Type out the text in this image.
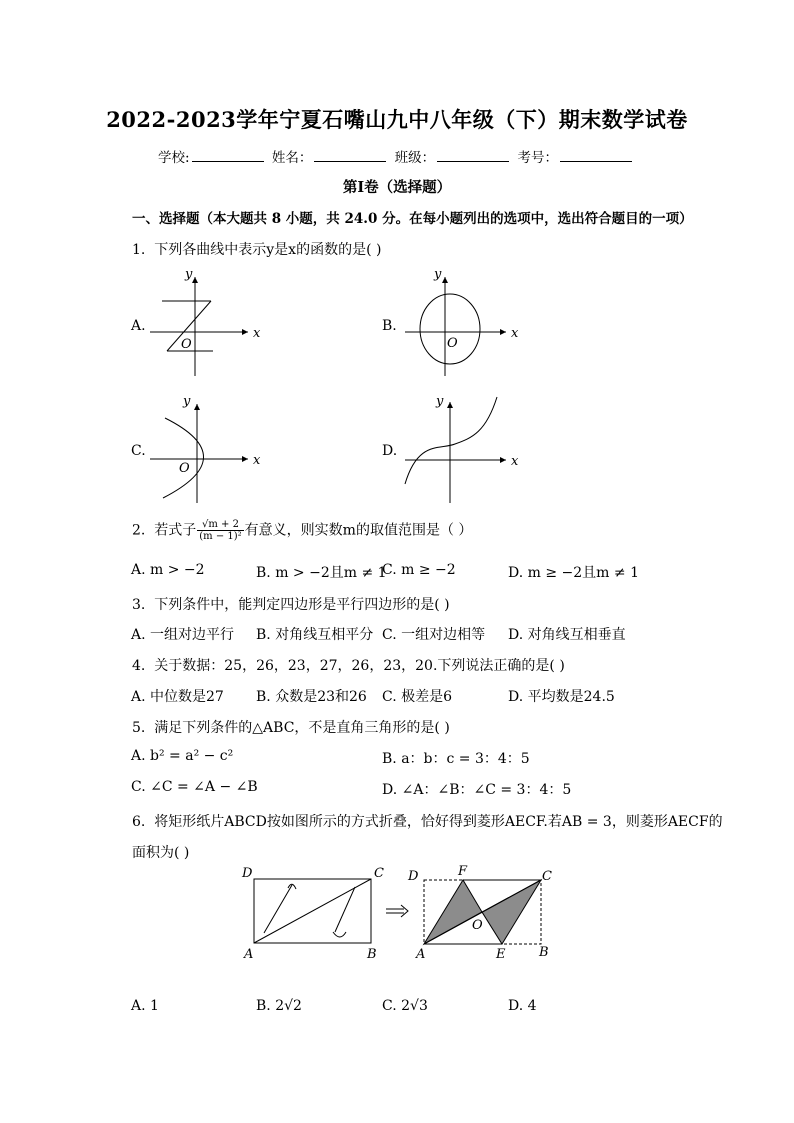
2022-2023学年宁夏石嘴山九中八年级（下）期末数学试卷
学校:	姓名：	班级：	考号：
第Ⅰ卷（选择题）
一、选择题（本大题共 8 小题，共 24.0 分。在每小题列出的选项中，选出符合题目的一项）
1. 下列各曲线中表示y是x的函数的是( )
A.	B.
C.	D.
x
y
O
x
y
O
x
y
O	x
y
2. 若式子 $\frac{√m + 2}{\text{(m − 1)²}}$ 有意义，则实数m的取值范围是（ ）
A. m > −2	B. m > −2且m ≠ 1
C. m ≥ −2	D. m ≥ −2且m ≠ 1
3. 下列条件中，能判定四边形是平行四边形的是( )
A. 一组对边平行 B. 对角线互相平分 C. 一组对边相等 D. 对角线互相垂直
4. 关于数据：25，26，23，27，26，23，20.下列说法正确的是( )
A. 中位数是27 B. 众数是23和26 C. 极差是6	D. 平均数是24.5
5. 满足下列条件的△ABC，不是直角三角形的是( )
A. b² = a² − c²	B. a：b：c = 3：4：5
C. ∠C = ∠A − ∠B	D. ∠A：∠B：∠C = 3：4：5
6. 将矩形纸片ABCD按如图所示的方式折叠，恰好得到菱形AECF.若AB = 3，则菱形AECF的
面积为( )
D	C
A	B
D	F	C
O
A	E	B
A. 1	B. 2√2	C. 2√3	D. 4
